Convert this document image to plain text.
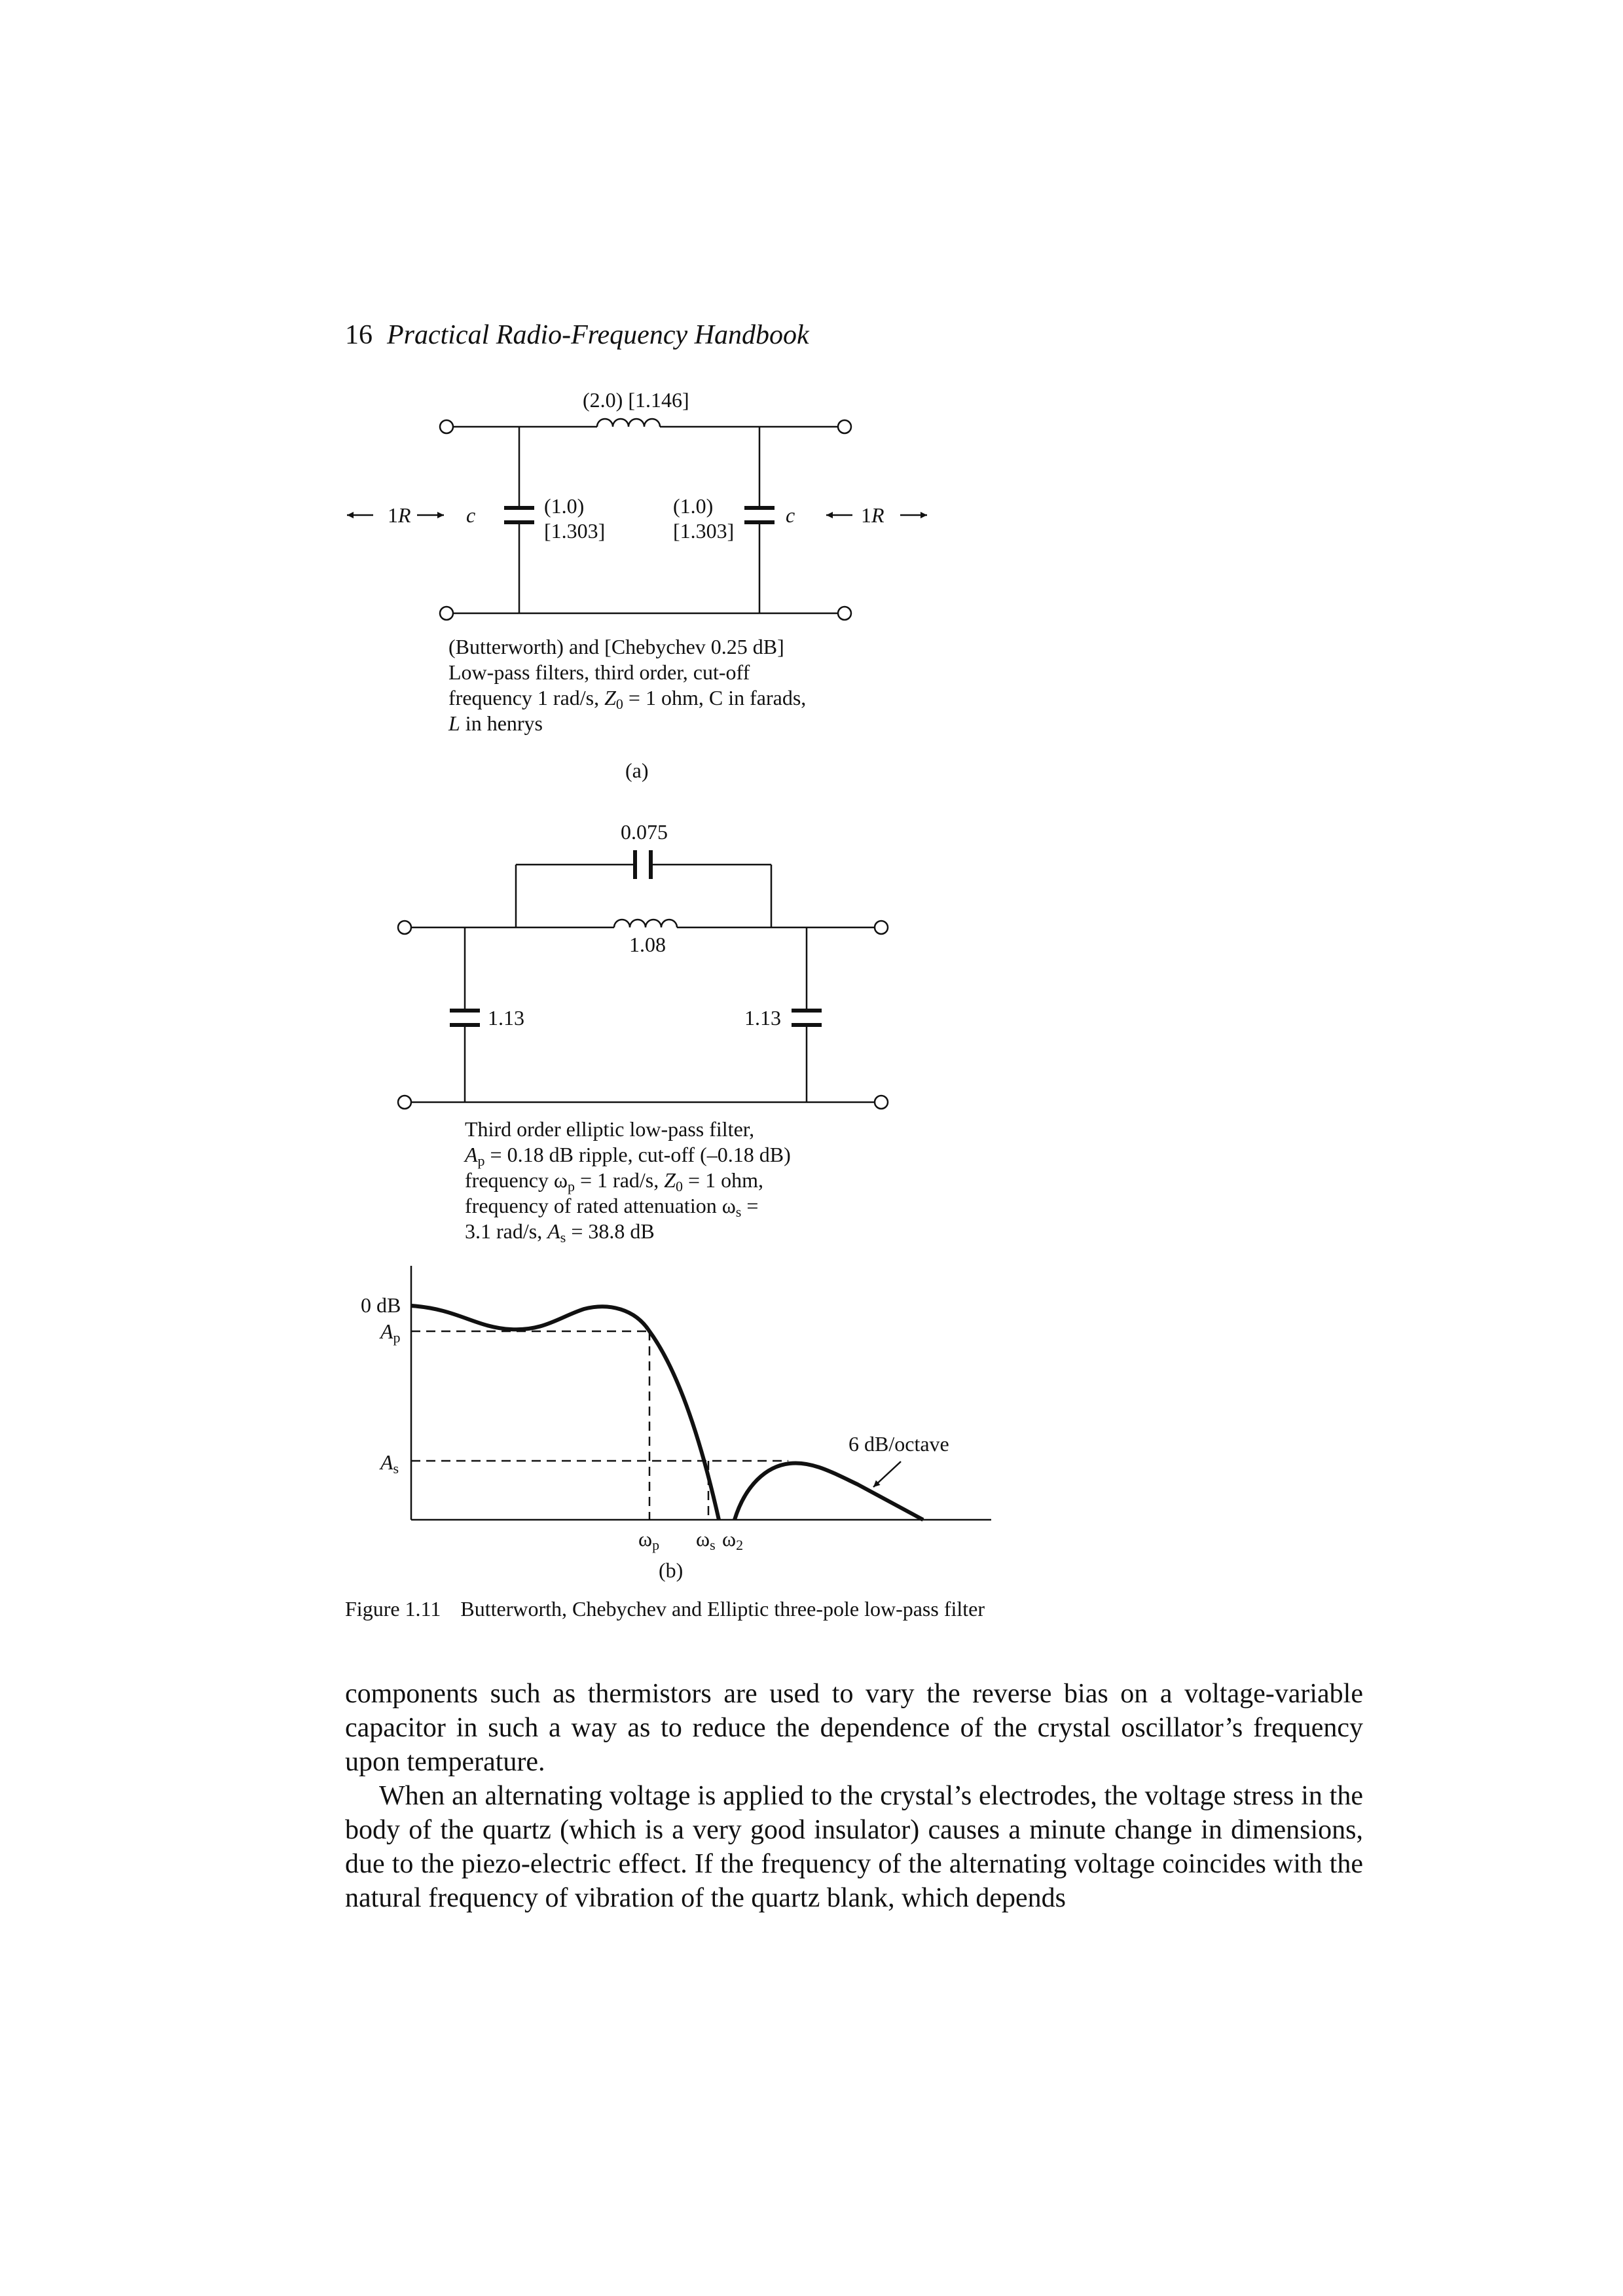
16 Practical Radio-Frequency Handbook
(2.0) [1.146]
1R	c	(1.0)
[1.303]
(1.0)
[1.303]
c	1R
(Butterworth) and [Chebychev 0.25 dB]
Low-pass filters, third order, cut-off
frequency 1 rad/s, Z0 = 1 ohm, C in farads,
L in henrys
(a)
0.075
1.08
1.13	1.13
Third order elliptic low-pass filter,
Ap = 0.18 dB ripple, cut-off (–0.18 dB)
frequency ωp = 1 rad/s, Z0 = 1 ohm,
frequency of rated attenuation ωs =
3.1 rad/s, As = 38.8 dB
0 dB
Ap
As
6 dB/octave
ωp ωs ω2
(b)
Figure 1.11 Butterworth, Chebychev and Elliptic three-pole low-pass filter

components such as thermistors are used to vary the reverse bias on a voltage-variable capacitor in such a way as to reduce the dependence of the crystal oscillator’s frequency upon temperature.

When an alternating voltage is applied to the crystal’s electrodes, the voltage stress in the body of the quartz (which is a very good insulator) causes a minute change in dimensions, due to the piezo-electric effect. If the frequency of the alternating voltage coincides with the natural frequency of vibration of the quartz blank, which depends
